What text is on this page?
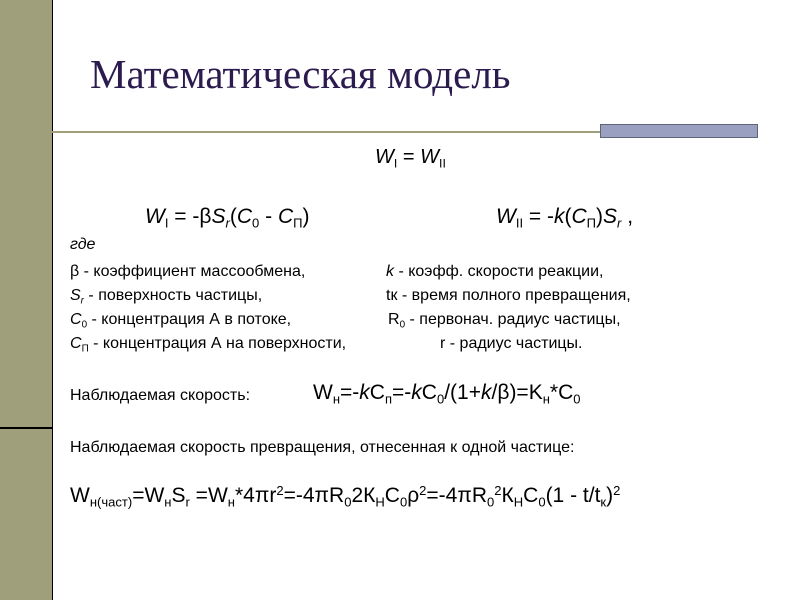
Математическая модель
$W_I = W_{II}$
$W_I = -\beta S_r(C_0 - C_П)$	$W_{II} = -k(C_П)S_r$ ,
где
β - коэффициент массообмена,	k - коэфф. скорости реакции,
$S_r$ - поверхность частицы,	tк - время полного превращения,
$C_0$ - концентрация А в потоке,	$R_0$ - первонач. радиус частицы,
$C_П$ - концентрация А на поверхности,	r - радиус частицы.
Наблюдаемая скорость:	$W_н=-kC_п=-kC_0/(1+k/\beta)=K_н*C_0$
Наблюдаемая скорость превращения, отнесенная к одной частице:
$W_{н(част)}=W_нS_r =W_н*4\pi r^2=-4\pi R_02К_НС_0\rho^2=-4\pi R_0^2К_НС_0(1 - t/t_к)^2$
